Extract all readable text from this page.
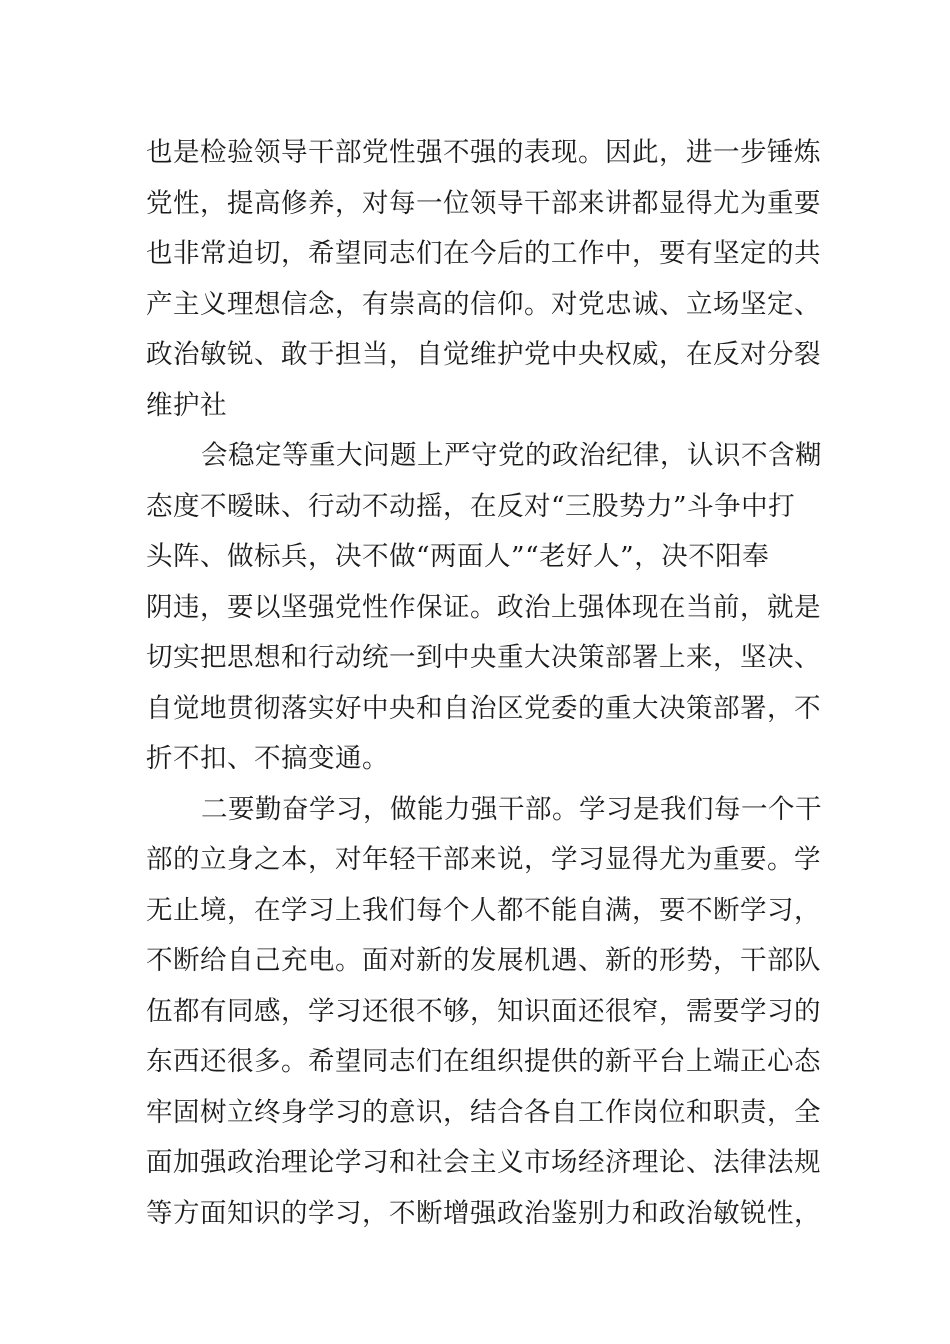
也是检验领导干部党性强不强的表现。因此，进一步锤炼
党性，提高修养，对每一位领导干部来讲都显得尤为重要
也非常迫切，希望同志们在今后的工作中，要有坚定的共
产主义理想信念，有崇高的信仰。对党忠诚、立场坚定、
政治敏锐、敢于担当，自觉维护党中央权威，在反对分裂
维护社
会稳定等重大问题上严守党的政治纪律，认识不含糊
态度不暧昧、行动不动摇，在反对“三股势力”斗争中打
头阵、做标兵，决不做“两面人”“老好人”，决不阳奉
阴违，要以坚强党性作保证。政治上强体现在当前，就是
切实把思想和行动统一到中央重大决策部署上来，坚决、
自觉地贯彻落实好中央和自治区党委的重大决策部署，不
折不扣、不搞变通。
二要勤奋学习，做能力强干部。学习是我们每一个干
部的立身之本，对年轻干部来说，学习显得尤为重要。学
无止境，在学习上我们每个人都不能自满，要不断学习，
不断给自己充电。面对新的发展机遇、新的形势，干部队
伍都有同感，学习还很不够，知识面还很窄，需要学习的
东西还很多。希望同志们在组织提供的新平台上端正心态
牢固树立终身学习的意识，结合各自工作岗位和职责，全
面加强政治理论学习和社会主义市场经济理论、法律法规
等方面知识的学习，不断增强政治鉴别力和政治敏锐性，
